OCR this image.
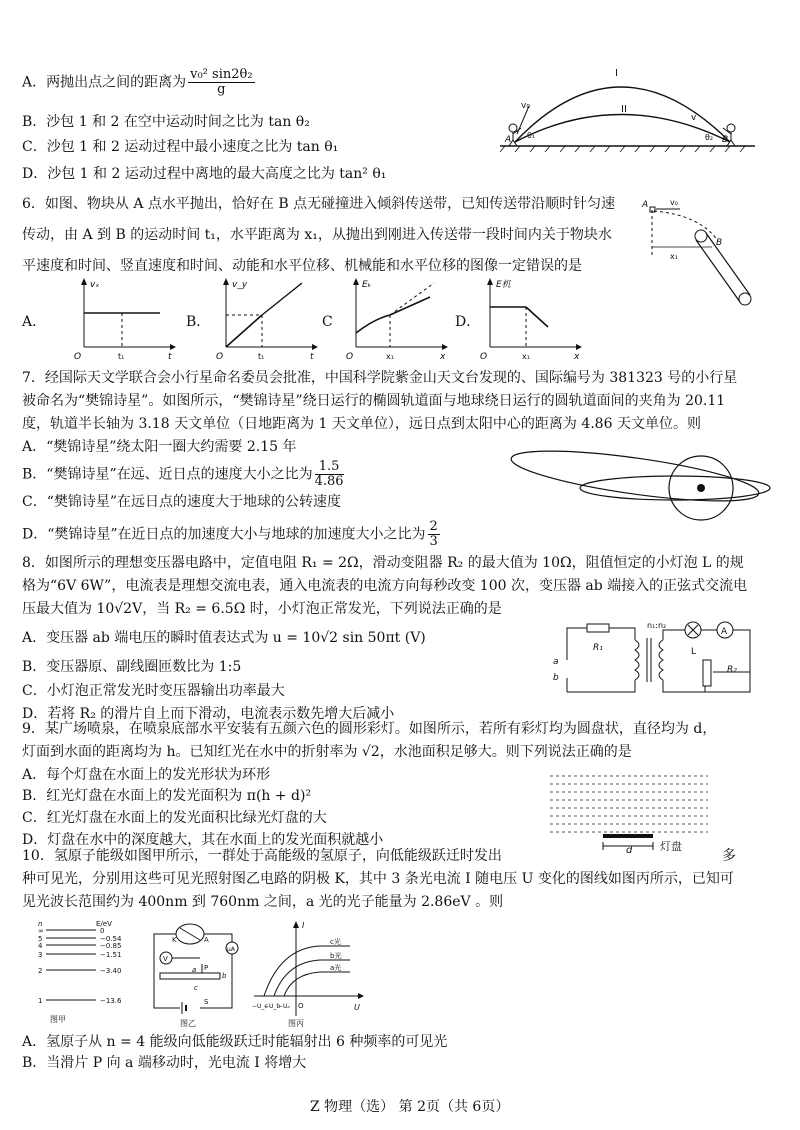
A．两抛出点之间的距离为 $\frac{\text{v₀² sin2θ₂}}{g}$
B．沙包 1 和 2 在空中运动时间之比为 tan θ₂
C．沙包 1 和 2 运动过程中最小速度之比为 tan θ₁
D．沙包 1 和 2 运动过程中离地的最大高度之比为 tan² θ₁
I
II
v₀
v
θ₁	θ₂
A	B
6．如图、物块从 A 点水平抛出，恰好在 B 点无碰撞进入倾斜传送带，已知传送带沿顺时针匀速
传动，由 A 到 B 的运动时间 t₁，水平距离为 x₁，从抛出到刚进入传送带一段时间内关于物块水
平速度和时间、竖直速度和时间、动能和水平位移、机械能和水平位移的图像一定错误的是
A	v₀
B
x₁
A．
vₓ
t
O	t₁
B．
v_y
t
O	t₁
C
Eₖ
x
O	x₁
D．
E机
x
O	x₁
7．经国际天文学联合会小行星命名委员会批准，中国科学院紫金山天文台发现的、国际编号为 381323 号的小行星
被命名为“樊锦诗星”。如图所示，“樊锦诗星”绕日运行的椭圆轨道面与地球绕日运行的圆轨道面间的夹角为 20.11
度，轨道半长轴为 3.18 天文单位（日地距离为 1 天文单位），远日点到太阳中心的距离为 4.86 天文单位。则
A．“樊锦诗星”绕太阳一圈大约需要 2.15 年
B．“樊锦诗星”在远、近日点的速度大小之比为 $\frac{1.5}{4.86}$
C．“樊锦诗星”在远日点的速度大于地球的公转速度
D．“樊锦诗星”在近日点的加速度大小与地球的加速度大小之比为 $\frac{2}{3}$
8．如图所示的理想变压器电路中，定值电阻 R₁ = 2Ω，滑动变阻器 R₂ 的最大值为 10Ω，阻值恒定的小灯泡 L 的规
格为“6V 6W”，电流表是理想交流电表，通入电流表的电流方向每秒改变 100 次，变压器 ab 端接入的正弦式交流电
压最大值为 10√2V，当 R₂ = 6.5Ω 时，小灯泡正常发光，下列说法正确的是
A．变压器 ab 端电压的瞬时值表达式为 u = 10√2 sin 50πt (V)
B．变压器原、副线圈匝数比为 1:5
C．小灯泡正常发光时变压器输出功率最大
D．若将 R₂ 的滑片自上而下滑动，电流表示数先增大后减小
A
n₁:n₂
R₁
R₂
L
a
b
9．某广场喷泉，在喷泉底部水平安装有五颜六色的圆形彩灯。如图所示，若所有彩灯均为圆盘状，直径均为 d，
灯面到水面的距离均为 h。已知红光在水中的折射率为 √2，水池面积足够大。则下列说法正确的是
A．每个灯盘在水面上的发光形状为环形
B．红光灯盘在水面上的发光面积为 π(h + d)²
C．红光灯盘在水面上的发光面积比绿光灯盘的大
D．灯盘在水中的深度越大，其在水面上的发光面积就越小
d	灯盘
10．氢原子能级如图甲所示，一群处于高能级的氢原子，向低能级跃迁时发出	多
种可见光，分别用这些可见光照射图乙电路的阴极 K，其中 3 条光电流 I 随电压 U 变化的图线如图丙所示，已知可
见光波长范围约为 400nm 到 760nm 之间，a 光的光子能量为 2.86eV 。则
n	E/eV
∞	0
5	−0.54
4	−0.85
3	−1.51
2	−3.40
1	−13.6
图甲
K	A
μA
V
P
a
b
c
S
图乙
I
U
O
c光
b光
a光
−U_c
−U_b
−Uₐ
图丙
A．氢原子从 n = 4 能级向低能级跃迁时能辐射出 6 种频率的可见光
B．当滑片 P 向 a 端移动时，光电流 I 将增大
Z 物理（选） 第 2页（共 6页）
